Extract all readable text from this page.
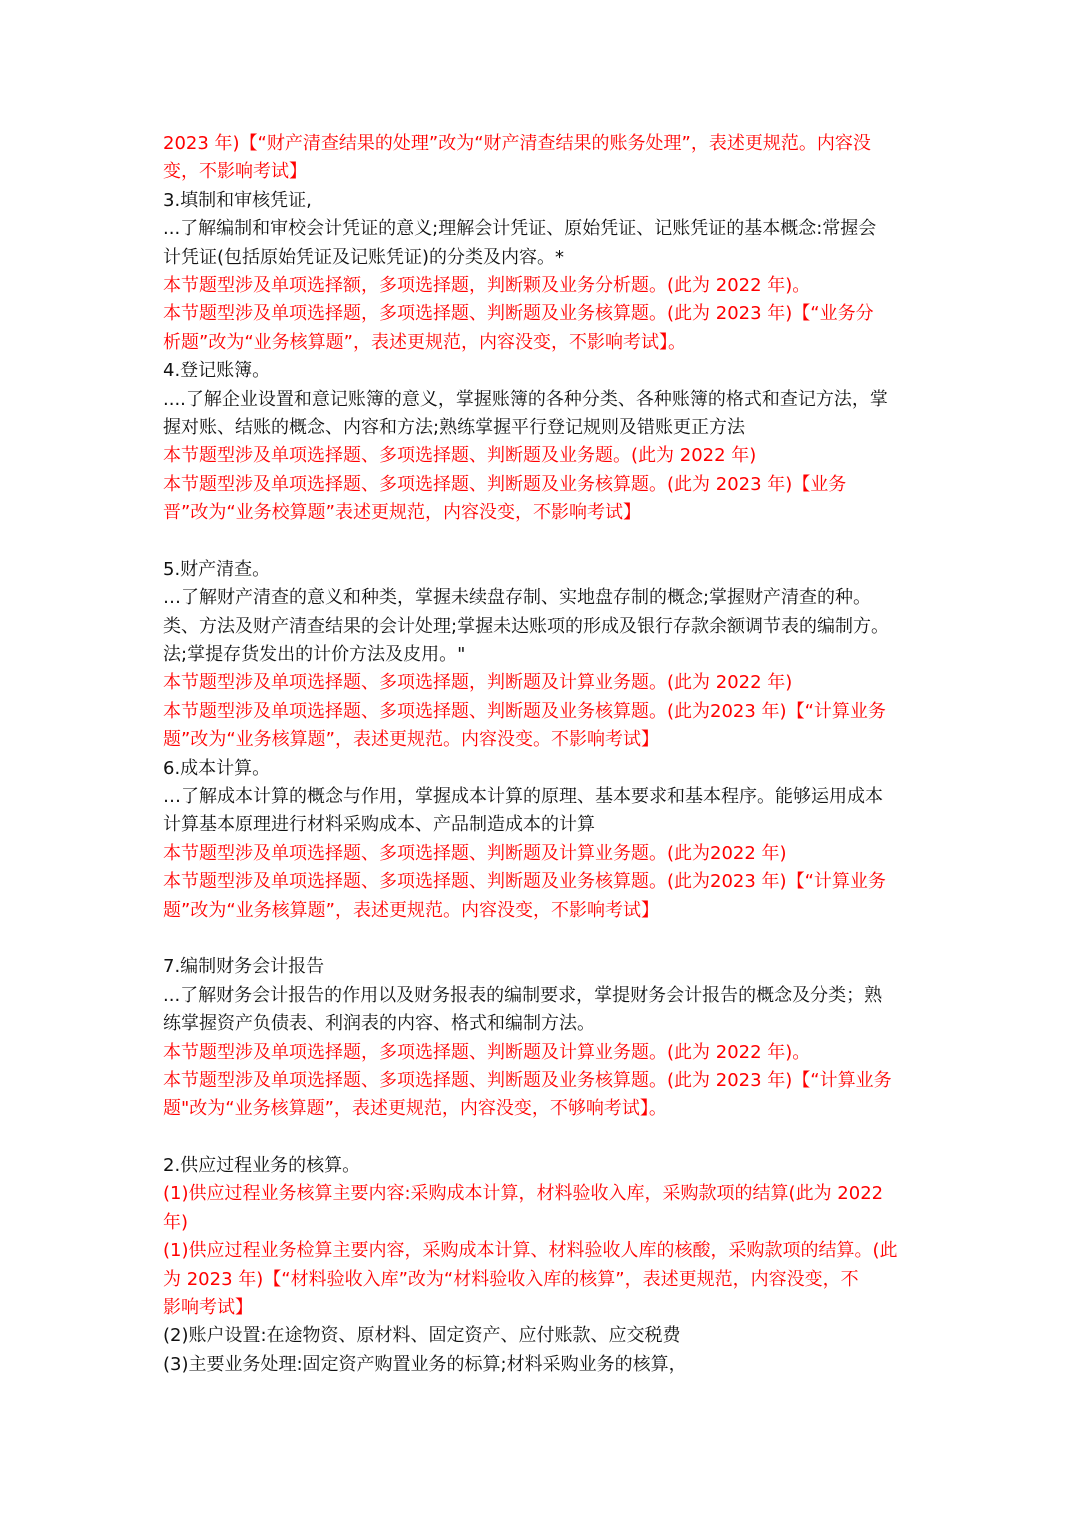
2023 年)【“财产清查结果的处理”改为“财产清查结果的账务处理”，表述更规范。内容没
变，不影响考试】
3.填制和审核凭证,
...了解编制和审校会计凭证的意义;理解会计凭证、原始凭证、记账凭证的基本概念:常握会
计凭证(包括原始凭证及记账凭证)的分类及内容。*
本节题型涉及单项选择额，多项选择题，判断颗及业务分析题。(此为 2022 年)。
本节题型涉及单项选择题，多项选择题、判断题及业务核算题。(此为 2023 年)【“业务分
析题”改为“业务核算题”，表述更规范，内容没变，不影响考试】。
4.登记账簿。
....了解企业设置和意记账簿的意义，掌握账簿的各种分类、各种账簿的格式和查记方法，掌
握对账、结账的概念、内容和方法;熟练掌握平行登记规则及错账更正方法
本节题型涉及单项选择题、多项选择题、判断题及业务题。(此为 2022 年)
本节题型涉及单项选择题、多项选择题、判断题及业务核算题。(此为 2023 年)【业务
晋”改为“业务校算题”表述更规范，内容没变，不影响考试】
5.财产清查。
…了解财产清查的意义和种类，掌握未续盘存制、实地盘存制的概念;掌握财产清查的种。
类、方法及财产清查结果的会计处理;掌握未达账项的形成及银行存款余额调节表的编制方。
法;掌提存货发出的计价方法及皮用。"
本节题型涉及单项选择题、多项选择题，判断题及计算业务题。(此为 2022 年)
本节题型涉及单项选择题、多项选择题、判断题及业务核算题。(此为2023 年)【“计算业务
题”改为“业务核算题”，表述更规范。内容没变。不影响考试】
6.成本计算。
…了解成本计算的概念与作用，掌握成本计算的原理、基本要求和基本程序。能够运用成本
计算基本原理进行材料采购成本、产品制造成本的计算
本节题型涉及单项选择题、多项选择题、判断题及计算业务题。(此为2022 年)
本节题型涉及单项选择题、多项选择题、判断题及业务核算题。(此为2023 年)【“计算业务
题”改为“业务核算题”，表述更规范。内容没变，不影响考试】
7.编制财务会计报告
...了解财务会计报告的作用以及财务报表的编制要求，掌提财务会计报告的概念及分类；熟
练掌握资产负债表、利润表的内容、格式和编制方法。
本节题型涉及单项选择题，多项选择题、判断题及计算业务题。(此为 2022 年)。
本节题型涉及单项选择题、多项选择题、判断题及业务核算题。(此为 2023 年)【“计算业务
题"改为“业务核算题”，表述更规范，内容没变，不够响考试】。
2.供应过程业务的核算。
(1)供应过程业务核算主要内容:采购成本计算，材料验收入库，采购款项的结算(此为 2022
年)
(1)供应过程业务检算主要内容，采购成本计算、材料验收人库的核酸，采购款项的结算。(此
为 2023 年)【“材料验收入库”改为“材料验收入库的核算”，表述更规范，内容没变，不
影响考试】
(2)账户设置:在途物资、原材料、固定资产、应付账款、应交税费
(3)主要业务处理:固定资产购置业务的标算;材料采购业务的核算，
